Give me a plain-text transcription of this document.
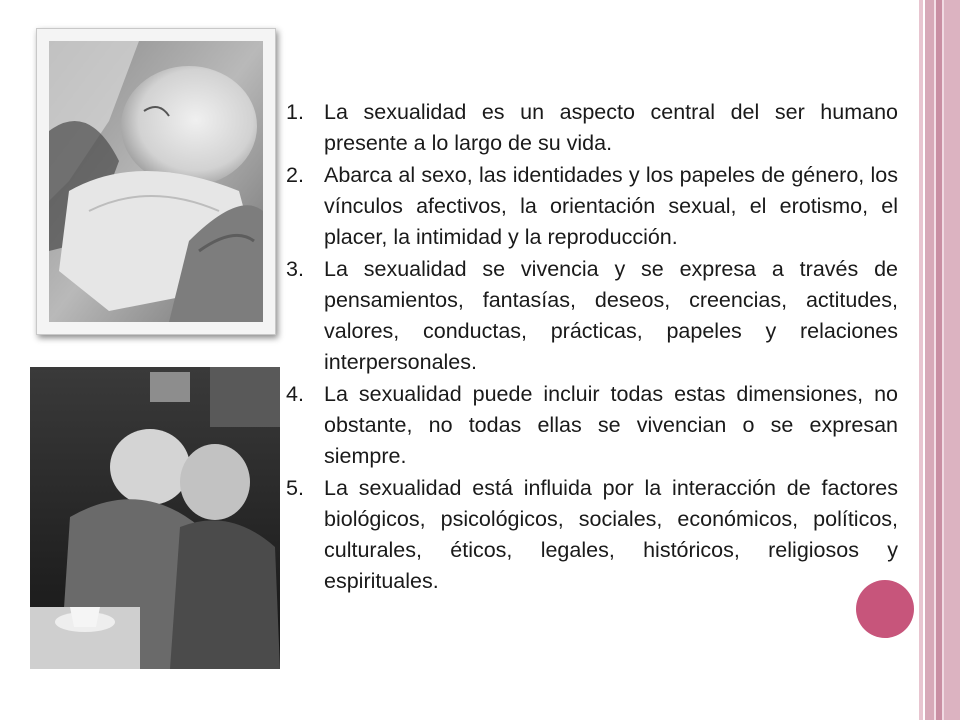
1. La sexualidad es un aspecto central del ser humano presente a lo largo de su vida.
2. Abarca al sexo, las identidades y los papeles de género, los vínculos afectivos, la orientación sexual, el erotismo, el placer, la intimidad y la reproducción.
3. La sexualidad se vivencia y se expresa a través de pensamientos, fantasías, deseos, creencias, actitudes, valores, conductas, prácticas, papeles y relaciones interpersonales.
4. La sexualidad puede incluir todas estas dimensiones, no obstante, no todas ellas se vivencian o se expresan siempre.
5. La sexualidad está influida por la interacción de factores biológicos, psicológicos, sociales, económicos, políticos, culturales, éticos, legales, históricos, religiosos y espirituales.
